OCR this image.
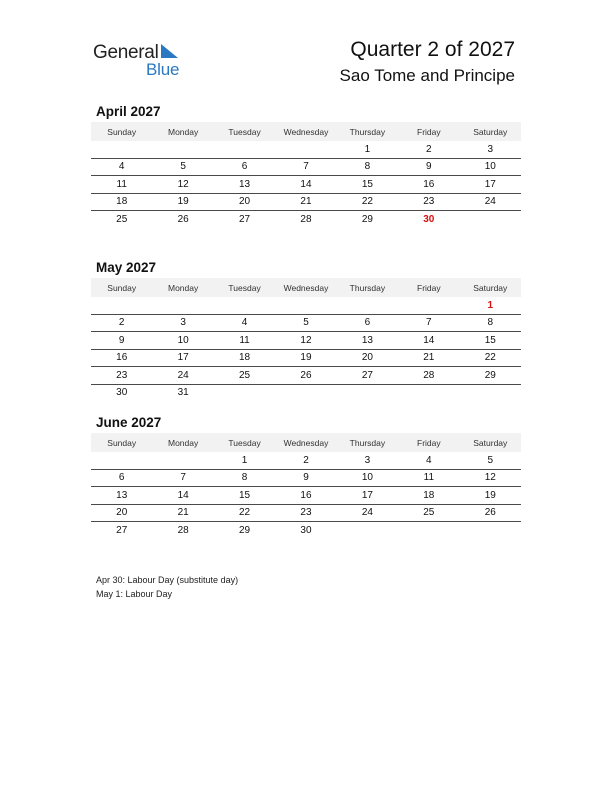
General
Blue
Quarter 2 of 2027
Sao Tome and Principe
April 2027
Sunday	Monday	Tuesday	Wednesday	Thursday	Friday	Saturday
				1	2	3
4	5	6	7	8	9	10
11	12	13	14	15	16	17
18	19	20	21	22	23	24
25	26	27	28	29	30	
May 2027
Sunday	Monday	Tuesday	Wednesday	Thursday	Friday	Saturday
						1
2	3	4	5	6	7	8
9	10	11	12	13	14	15
16	17	18	19	20	21	22
23	24	25	26	27	28	29
30	31					
June 2027
Sunday	Monday	Tuesday	Wednesday	Thursday	Friday	Saturday
		1	2	3	4	5
6	7	8	9	10	11	12
13	14	15	16	17	18	19
20	21	22	23	24	25	26
27	28	29	30			
Apr 30: Labour Day (substitute day)
May 1: Labour Day
